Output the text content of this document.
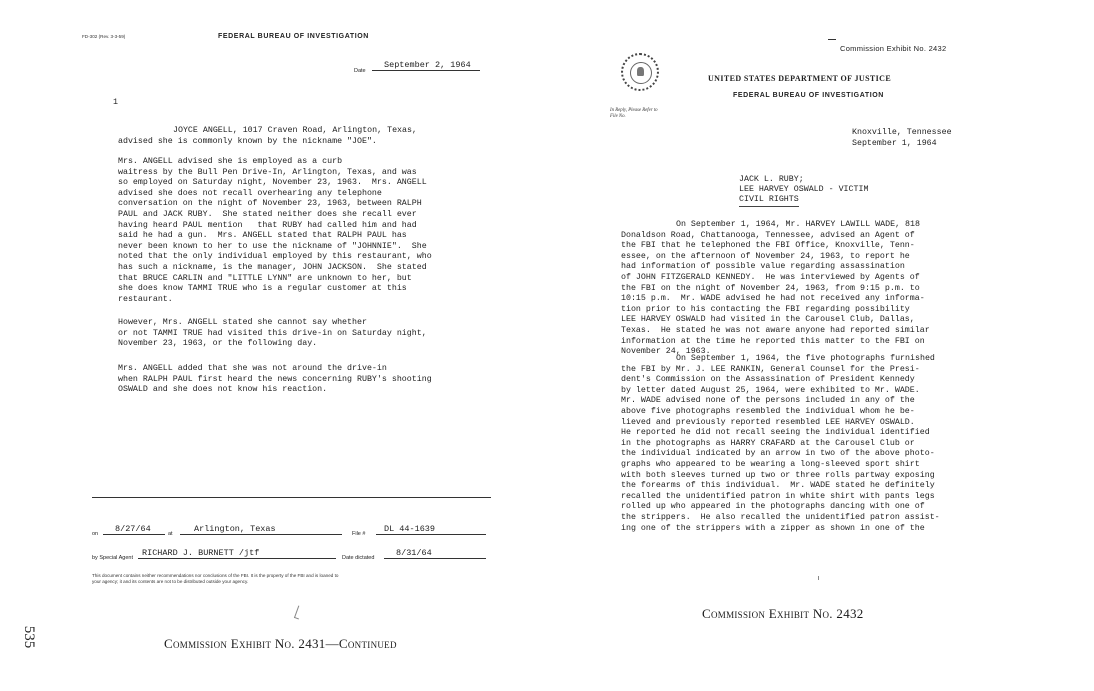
FD-302 (Rev. 3-3-59)	FEDERAL BUREAU OF INVESTIGATION
Date
September 2, 1964
1

JOYCE ANGELL, 1017 Craven Road, Arlington, Texas,
advised she is commonly known by the nickname "JOE".

Mrs. ANGELL advised she is employed as a curb
waitress by the Bull Pen Drive-In, Arlington, Texas, and was
so employed on Saturday night, November 23, 1963.  Mrs. ANGELL
advised she does not recall overhearing any telephone
conversation on the night of November 23, 1963, between RALPH
PAUL and JACK RUBY.  She stated neither does she recall ever
having heard PAUL mention   that RUBY had called him and had
said he had a gun.  Mrs. ANGELL stated that RALPH PAUL has
never been known to her to use the nickname of "JOHNNIE".  She
noted that the only individual employed by this restaurant, who
has such a nickname, is the manager, JOHN JACKSON.  She stated
that BRUCE CARLIN and "LITTLE LYNN" are unknown to her, but
she does know TAMMI TRUE who is a regular customer at this
restaurant.

However, Mrs. ANGELL stated she cannot say whether
or not TAMMI TRUE had visited this drive-in on Saturday night,
November 23, 1963, or the following day.

Mrs. ANGELL added that she was not around the drive-in
when RALPH PAUL first heard the news concerning RUBY's shooting
OSWALD and she does not know his reaction.

on	8/27/64	at	Arlington, Texas	File #	DL 44-1639
by Special Agent	RICHARD J. BURNETT /jtf	Date dictated	8/31/64
This document contains neither recommendations nor conclusions of the FBI. It is the property of the FBI and is loaned to
your agency; it and its contents are not to be distributed outside your agency.
535	Commission Exhibit No. 2431—Continued
Commission Exhibit No. 2432
In Reply, Please Refer to
File No.
UNITED STATES DEPARTMENT OF JUSTICE
FEDERAL BUREAU OF INVESTIGATION
Knoxville, Tennessee
September 1, 1964
JACK L. RUBY;
LEE HARVEY OSWALD - VICTIM
CIVIL RIGHTS

On September 1, 1964, Mr. HARVEY LAWILL WADE, 818
Donaldson Road, Chattanooga, Tennessee, advised an Agent of
the FBI that he telephoned the FBI Office, Knoxville, Tenn-
essee, on the afternoon of November 24, 1963, to report he
had information of possible value regarding assassination
of JOHN FITZGERALD KENNEDY.  He was interviewed by Agents of
the FBI on the night of November 24, 1963, from 9:15 p.m. to
10:15 p.m.  Mr. WADE advised he had not received any informa-
tion prior to his contacting the FBI regarding possibility
LEE HARVEY OSWALD had visited in the Carousel Club, Dallas,
Texas.  He stated he was not aware anyone had reported similar
information at the time he reported this matter to the FBI on
November 24, 1963.

On September 1, 1964, the five photographs furnished
the FBI by Mr. J. LEE RANKIN, General Counsel for the Presi-
dent's Commission on the Assassination of President Kennedy
by letter dated August 25, 1964, were exhibited to Mr. WADE.
Mr. WADE advised none of the persons included in any of the
above five photographs resembled the individual whom he be-
lieved and previously reported resembled LEE HARVEY OSWALD.
He reported he did not recall seeing the individual identified
in the photographs as HARRY CRAFARD at the Carousel Club or
the individual indicated by an arrow in two of the above photo-
graphs who appeared to be wearing a long-sleeved sport shirt
with both sleeves turned up two or three rolls partway exposing
the forearms of this individual.  Mr. WADE stated he definitely
recalled the unidentified patron in white shirt with pants legs
rolled up who appeared in the photographs dancing with one of
the strippers.  He also recalled the unidentified patron assist-
ing one of the strippers with a zipper as shown in one of the

Commission Exhibit No. 2432
